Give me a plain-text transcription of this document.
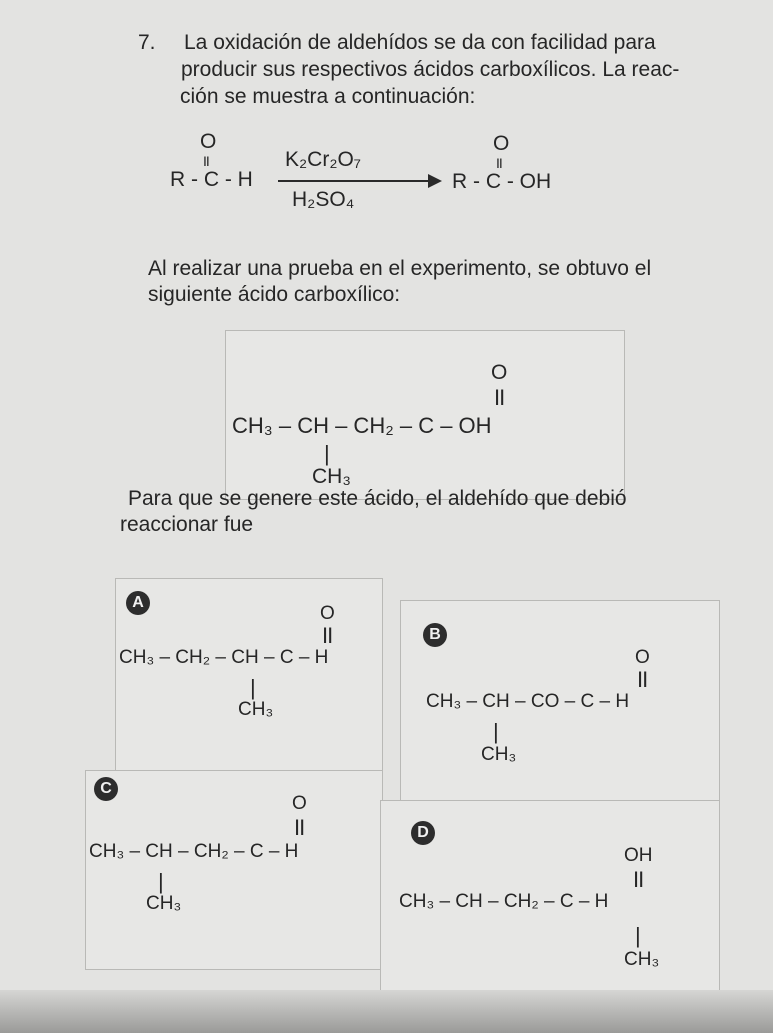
7. La oxidación de aldehídos se da con facilidad para
producir sus respectivos ácidos carboxílicos. La reac-
ción se muestra a continuación:
O
II
R - C - H
K₂Cr₂O₇
H₂SO₄
O
II
R - C - OH
Al realizar una prueba en el experimento, se obtuvo el
siguiente ácido carboxílico:
O
II
CH₃ – CH – CH₂ – C – OH
|
CH₃
Para que se genere este ácido, el aldehído que debió
reaccionar fue
A
O
II
CH₃ – CH₂ – CH – C – H
|
CH₃
B
O
II
CH₃ – CH – CO – C – H
|
CH₃
C
O
II
CH₃ – CH – CH₂ – C – H
|
CH₃
D
OH
II
CH₃ – CH – CH₂ – C – H
|
CH₃
